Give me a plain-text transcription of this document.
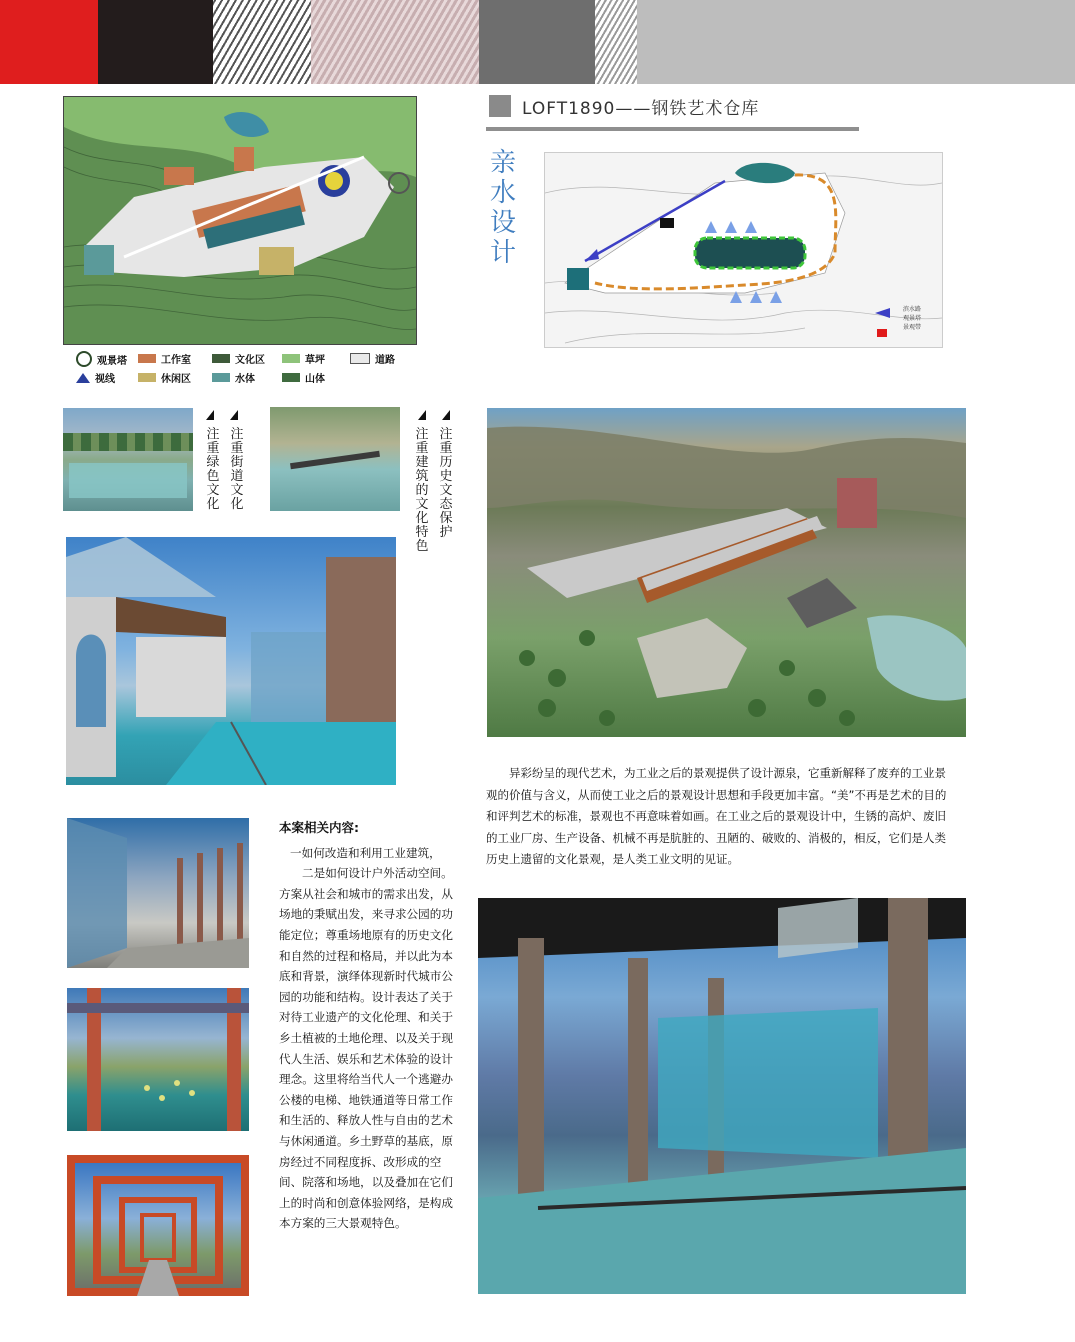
观景塔	工作室	文化区	草坪	道路
视线	休闲区	水体	山体
LOFT1890——钢铁艺术仓库
亲水设计
滨水路
观景塔
景观带
注重绿色文化
注重街道文化
注重建筑的文化特色
注重历史文态保护

异彩纷呈的现代艺术，为工业之后的景观提供了设计源泉，它重新解释了废弃的工业景观的价值与含义，从而使工业之后的景观设计思想和手段更加丰富。“美”不再是艺术的目的和评判艺术的标准，景观也不再意味着如画。在工业之后的景观设计中，生锈的高炉、废旧的工业厂房、生产设备、机械不再是肮脏的、丑陋的、破败的、消极的，相反，它们是人类历史上遗留的文化景观，是人类工业文明的见证。

本案相关内容:

一如何改造和利用工业建筑，

二是如何设计户外活动空间。

方案从社会和城市的需求出发，从场地的秉赋出发，来寻求公园的功能定位；尊重场地原有的历史文化和自然的过程和格局，并以此为本底和背景，演绎体现新时代城市公

园的功能和结构。设计表达了关于对待工业遗产的文化伦理、和关于乡土植被的土地伦理、以及关于现代人生活、娱乐和艺术体验的设计理念。这里将给当代人一个逃避办公楼的电梯、地铁通道等日常工作

和生活的、释放人性与自由的艺术与休闲通道。乡土野草的基底，原房经过不同程度拆、改形成的空间、院落和场地，以及叠加在它们上的时尚和创意体验网络，是构成本方案的三大景观特色。
